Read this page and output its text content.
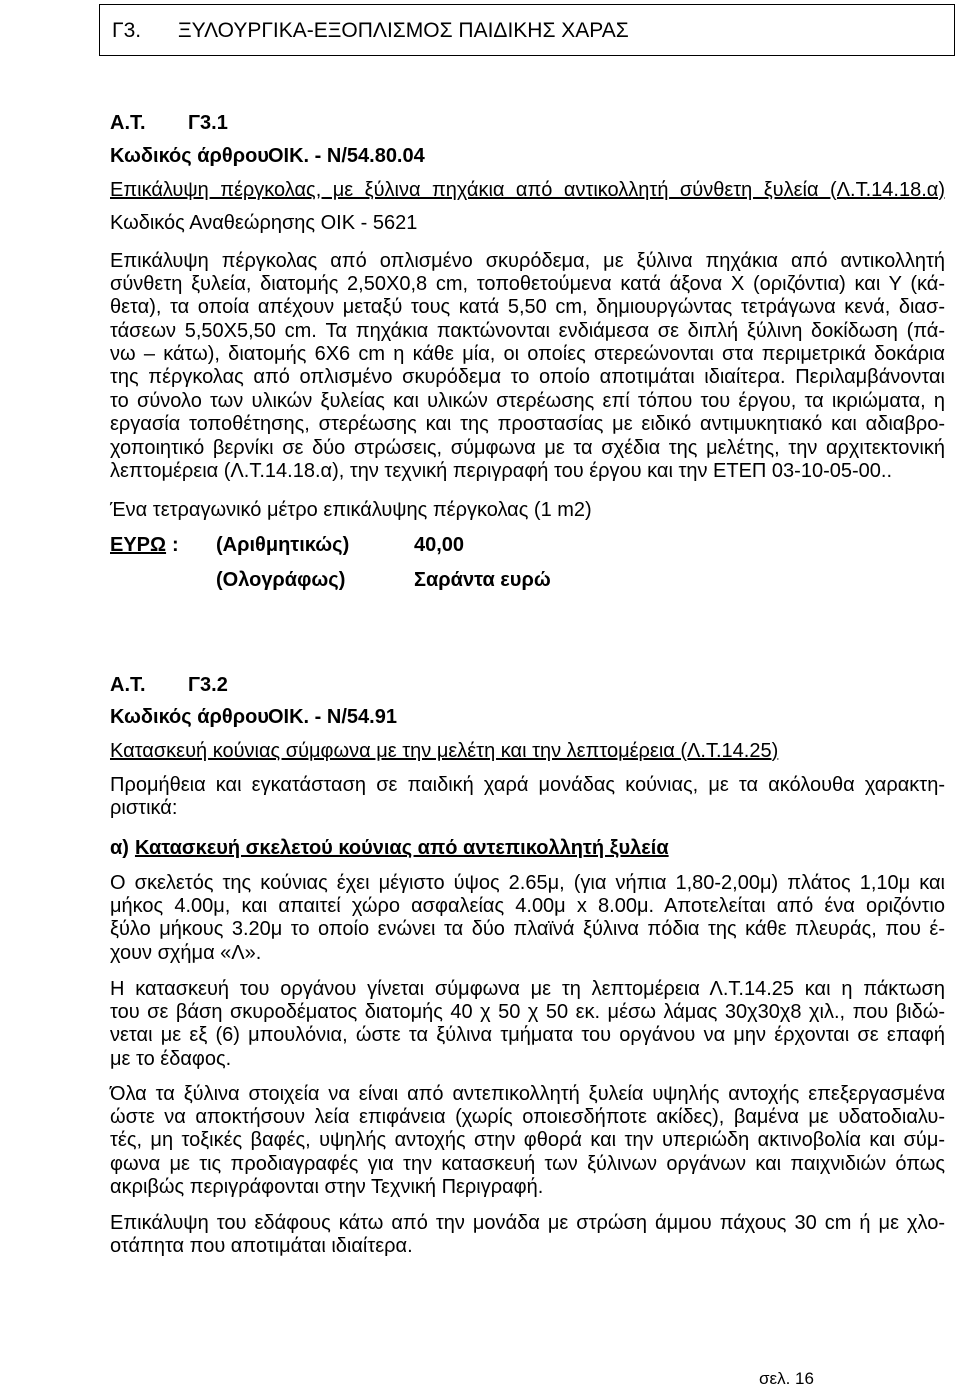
Γ3. ΞΥΛΟΥΡΓΙΚΑ-ΕΞΟΠΛΙΣΜΟΣ ΠΑΙΔΙΚΗΣ ΧΑΡΑΣ
Α.Τ. Γ3.1
Κωδικός άρθρου ΟΙΚ. - Ν/54.80.04
Επικάλυψη πέργκολας, με ξύλινα πηχάκια από αντικολλητή σύνθετη ξυλεία (Λ.Τ.14.18.α)
Κωδικός Αναθεώρησης ΟΙΚ - 5621
Επικάλυψη πέργκολας από οπλισμένο σκυρόδεμα, με ξύλινα πηχάκια από αντικολλητή
σύνθετη ξυλεία, διατομής 2,50Χ0,8 cm, τοποθετούμενα κατά άξονα Χ (οριζόντια) και Υ (κά-
θετα), τα οποία απέχουν μεταξύ τους κατά 5,50 cm, δημιουργώντας τετράγωνα κενά, διασ-
τάσεων 5,50Χ5,50 cm. Τα πηχάκια πακτώνονται ενδιάμεσα σε διπλή ξύλινη δοκίδωση (πά-
νω – κάτω), διατομής 6Χ6 cm η κάθε μία, οι οποίες στερεώνονται στα περιμετρικά δοκάρια
της πέργκολας από οπλισμένο σκυρόδεμα το οποίο αποτιμάται ιδιαίτερα. Περιλαμβάνονται
το σύνολο των υλικών ξυλείας και υλικών στερέωσης επί τόπου του έργου, τα ικριώματα, η
εργασία τοποθέτησης, στερέωσης και της προστασίας με ειδικό αντιμυκητιακό και αδιαβρο-
χοποιητικό βερνίκι σε δύο στρώσεις, σύμφωνα με τα σχέδια της μελέτης, την αρχιτεκτονική
λεπτομέρεια (Λ.Τ.14.18.α), την τεχνική περιγραφή του έργου και την ΕΤΕΠ 03-10-05-00..
Ένα τετραγωνικό μέτρο επικάλυψης πέργκολας (1 m2)
ΕΥΡΩ : (Αριθμητικώς)	40,00
(Ολογράφως)	Σαράντα ευρώ
Α.Τ. Γ3.2
Κωδικός άρθρου ΟΙΚ. - Ν/54.91
Κατασκευή κούνιας σύμφωνα με την μελέτη και την λεπτομέρεια (Λ.Τ.14.25)
Προμήθεια και εγκατάσταση σε παιδική χαρά μονάδας κούνιας, με τα ακόλουθα χαρακτη-
ριστικά:
α) Κατασκευή σκελετού κούνιας από αντεπικολλητή ξυλεία
Ο σκελετός της κούνιας έχει μέγιστο ύψος 2.65μ, (για νήπια 1,80-2,00μ) πλάτος 1,10μ και
μήκος 4.00μ, και απαιτεί χώρο ασφαλείας 4.00μ x 8.00μ. Αποτελείται από ένα οριζόντιο
ξύλο μήκους 3.20μ το οποίο ενώνει τα δύο πλαϊνά ξύλινα πόδια της κάθε πλευράς, που έ-
χουν σχήμα «Λ».
Η κατασκευή του οργάνου γίνεται σύμφωνα με τη λεπτομέρεια Λ.Τ.14.25 και η πάκτωση
του σε βάση σκυροδέματος διατομής 40 χ 50 χ 50 εκ. μέσω λάμας 30χ30χ8 χιλ., που βιδώ-
νεται με εξ (6) μπουλόνια, ώστε τα ξύλινα τμήματα του οργάνου να μην έρχονται σε επαφή
με το έδαφος.
Όλα τα ξύλινα στοιχεία να είναι από αντεπικολλητή ξυλεία υψηλής αντοχής επεξεργασμένα
ώστε να αποκτήσουν λεία επιφάνεια (χωρίς οποιεσδήποτε ακίδες), βαμένα με υδατοδιαλυ-
τές, μη τοξικές βαφές, υψηλής αντοχής στην φθορά και την υπεριώδη ακτινοβολία και σύμ-
φωνα με τις προδιαγραφές για την κατασκευή των ξύλινων οργάνων και παιχνιδιών όπως
ακριβώς περιγράφονται στην Τεχνική Περιγραφή.
Επικάλυψη του εδάφους κάτω από την μονάδα με στρώση άμμου πάχους 30 cm ή με χλο-
οτάπητα που αποτιμάται ιδιαίτερα.
σελ. 16
